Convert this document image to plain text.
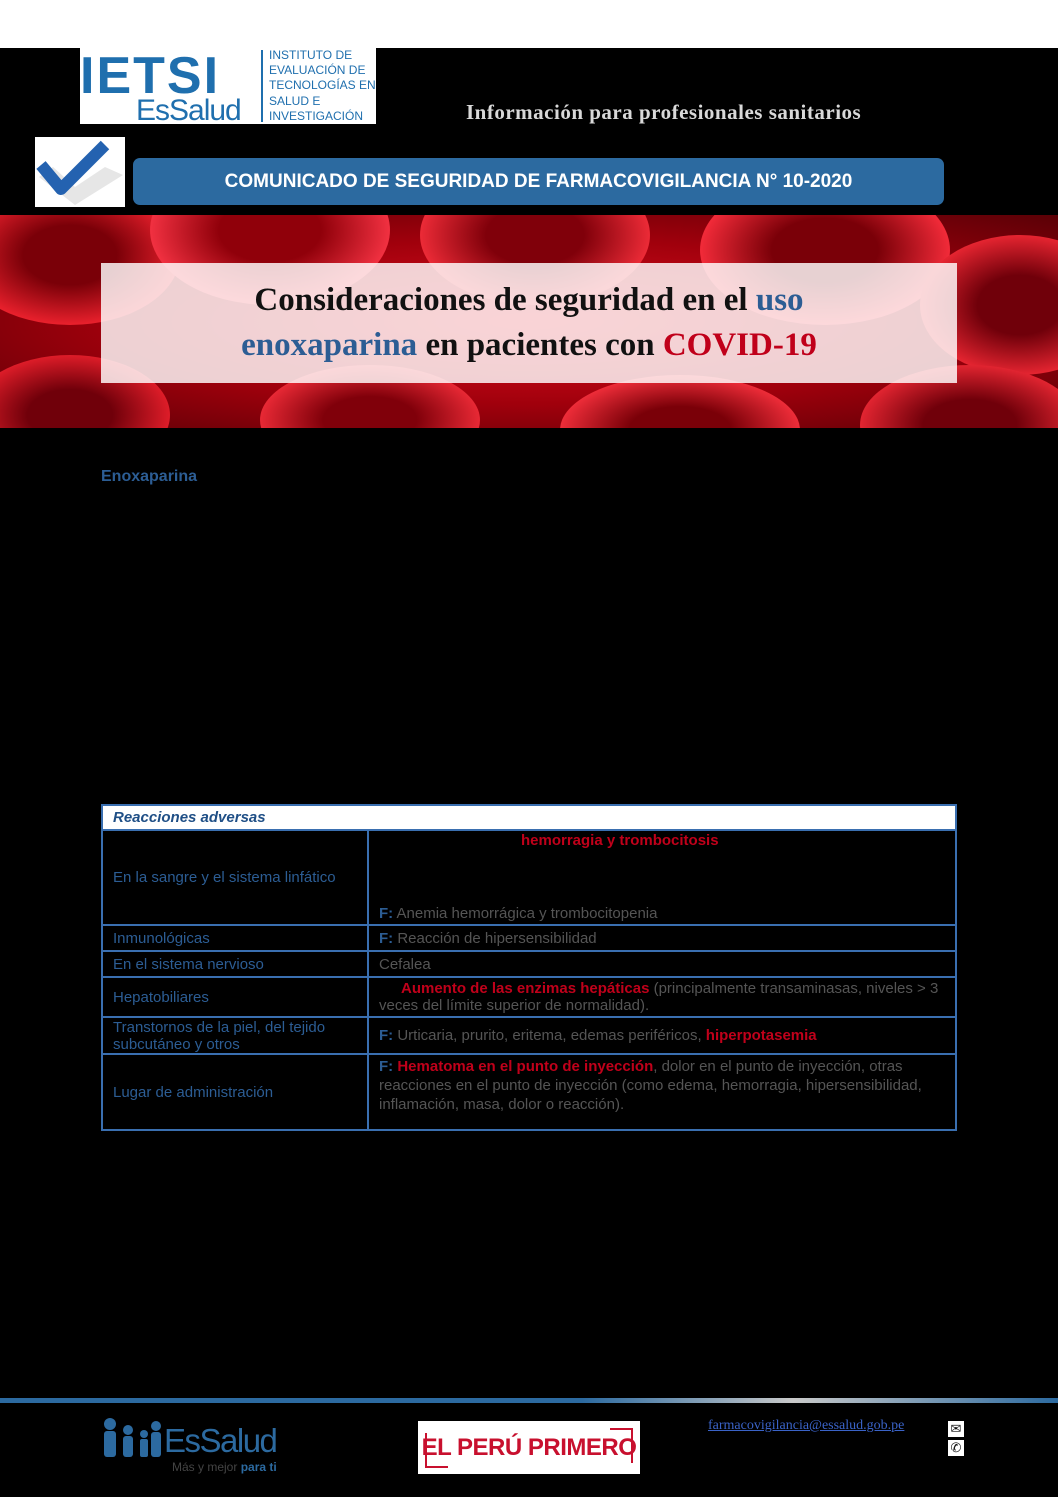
IETSI
EsSalud
INSTITUTO DE
EVALUACIÓN DE
TECNOLOGÍAS EN
SALUD E
INVESTIGACIÓN	Información para profesionales sanitarios
COMUNICADO DE SEGURIDAD DE FARMACOVIGILANCIA N° 10-2020
Consideraciones de seguridad en el uso
enoxaparina en pacientes con COVID-19
Enoxaparina
Reacciones adversas	
En la sangre y el sistema linfático	hemorragia y trombocitosis
F: Anemia hemorrágica y trombocitopenia

Inmunológicas	F: Reacción de hipersensibilidad
En el sistema nervioso	Cefalea
Hepatobiliares	Aumento de las enzimas hepáticas (principalmente transaminasas, niveles > 3 veces del límite superior de normalidad).
Transtornos de la piel, del tejido subcutáneo y otros	F: Urticaria, prurito, eritema, edemas periféricos, hiperpotasemia
Lugar de administración	F: Hematoma en el punto de inyección, dolor en el punto de inyección, otras reacciones en el punto de inyección (como edema, hemorragia, hipersensibilidad, inflamación, masa, dolor o reacción).
EsSalud
Más y mejor para ti
EL PERÚ PRIMERO
farmacovigilancia@essalud.gob.pe	✉
✆
